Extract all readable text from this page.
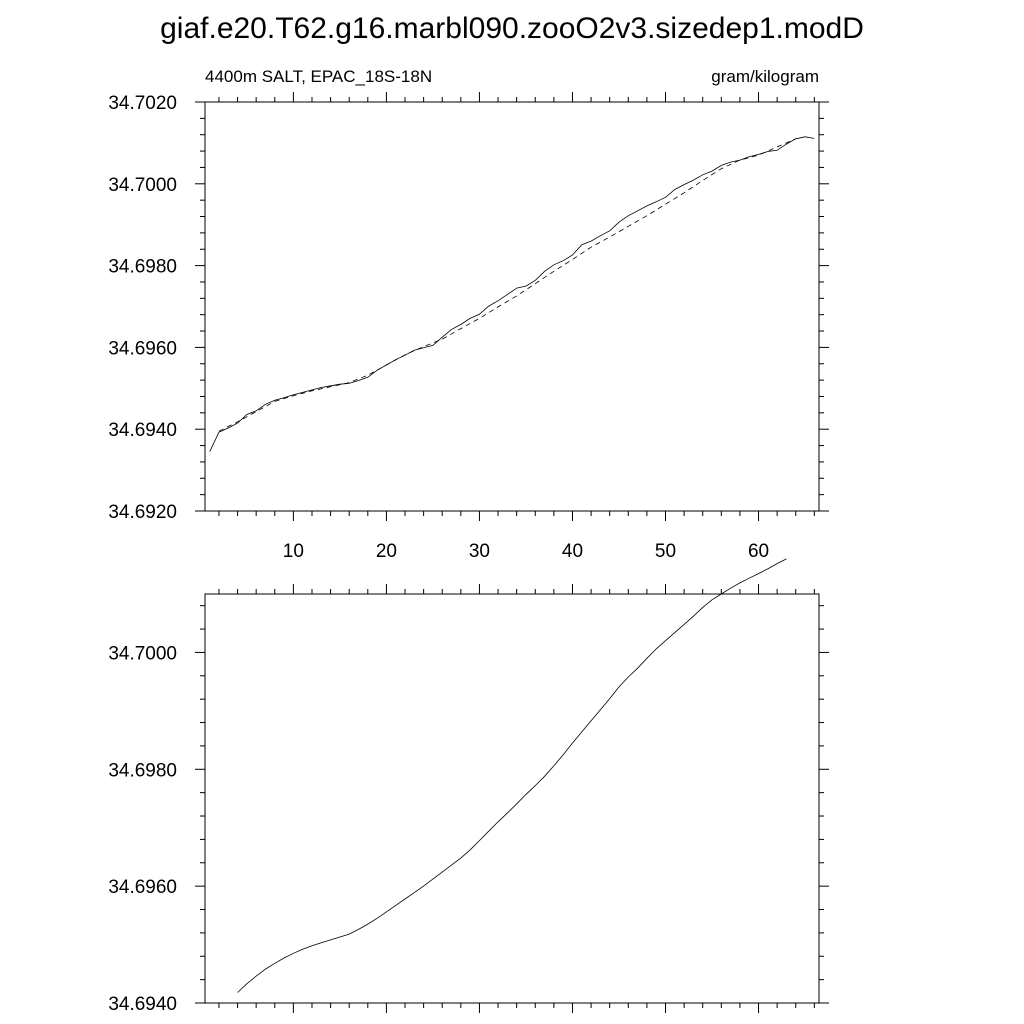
giaf.e20.T62.g16.marbl090.zooO2v3.sizedep1.modD
4400m SALT, EPAC_18S-18N	gram/kilogram
10	20	30	40	50	60
34.6920
34.6940
34.6960
34.6980
34.7000
34.7020
34.6940
34.6960
34.6980
34.7000
